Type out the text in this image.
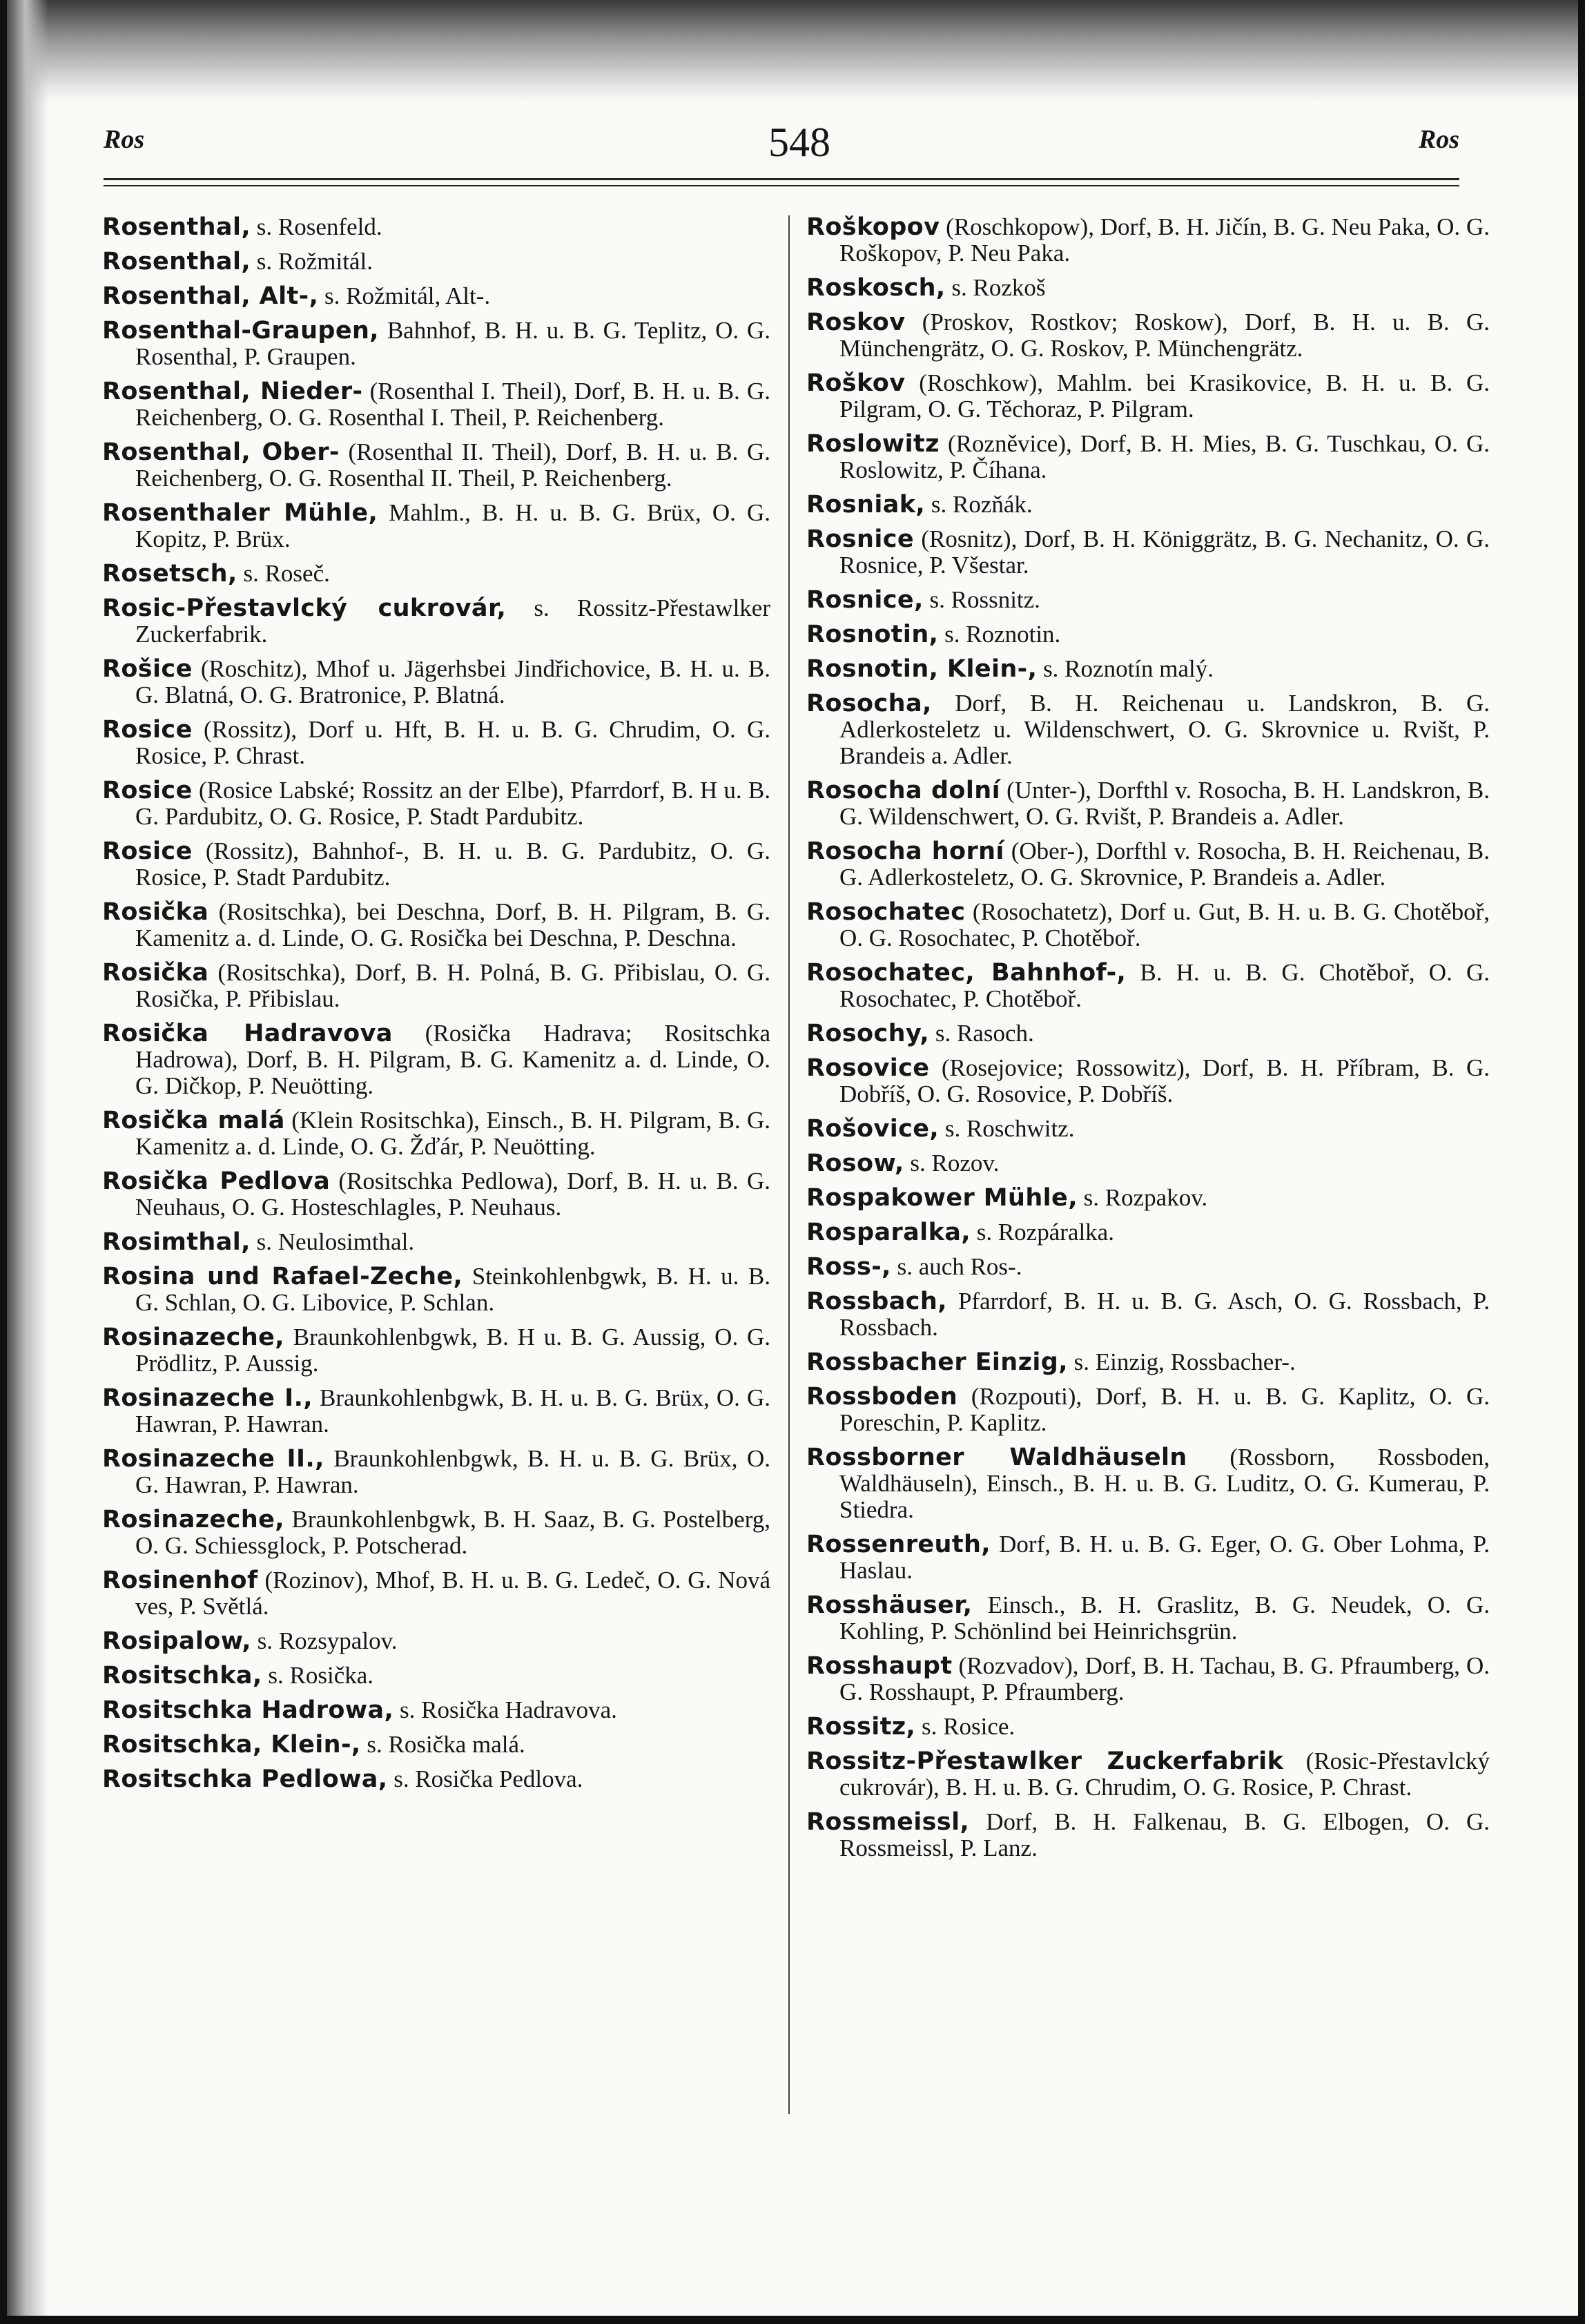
Ros	548	Ros

Rosenthal, s. Rosenfeld.

Rosenthal, s. Rožmitál.

Rosenthal, Alt-, s. Rožmitál, Alt-.

Rosenthal-Graupen, Bahnhof, B. H. u. B. G. Teplitz, O. G. Rosenthal, P. Graupen.

Rosenthal, Nieder- (Rosenthal I. Theil), Dorf, B. H. u. B. G. Reichenberg, O. G. Rosenthal I. Theil, P. Reichenberg.

Rosenthal, Ober- (Rosenthal II. Theil), Dorf, B. H. u. B. G. Reichenberg, O. G. Rosenthal II. Theil, P. Reichenberg.

Rosenthaler Mühle, Mahlm., B. H. u. B. G. Brüx, O. G. Kopitz, P. Brüx.

Rosetsch, s. Roseč.

Rosic-Přestavlcký cukrovár, s. Rossitz-Přestawlker Zuckerfabrik.

Rošice (Roschitz), Mhof u. Jägerhsbei Jindřichovice, B. H. u. B. G. Blatná, O. G. Bratronice, P. Blatná.

Rosice (Rossitz), Dorf u. Hft, B. H. u. B. G. Chrudim, O. G. Rosice, P. Chrast.

Rosice (Rosice Labské; Rossitz an der Elbe), Pfarrdorf, B. H u. B. G. Pardubitz, O. G. Rosice, P. Stadt Pardubitz.

Rosice (Rossitz), Bahnhof-, B. H. u. B. G. Pardubitz, O. G. Rosice, P. Stadt Pardubitz.

Rosička (Rositschka), bei Deschna, Dorf, B. H. Pilgram, B. G. Kamenitz a. d. Linde, O. G. Rosička bei Deschna, P. Deschna.

Rosička (Rositschka), Dorf, B. H. Polná, B. G. Přibislau, O. G. Rosička, P. Přibislau.

Rosička Hadravova (Rosička Hadrava; Rositschka Hadrowa), Dorf, B. H. Pilgram, B. G. Kamenitz a. d. Linde, O. G. Dičkop, P. Neuötting.

Rosička malá (Klein Rositschka), Einsch., B. H. Pilgram, B. G. Kamenitz a. d. Linde, O. G. Žďár, P. Neuötting.

Rosička Pedlova (Rositschka Pedlowa), Dorf, B. H. u. B. G. Neuhaus, O. G. Hosteschlagles, P. Neuhaus.

Rosimthal, s. Neulosimthal.

Rosina und Rafael-Zeche, Steinkohlenbgwk, B. H. u. B. G. Schlan, O. G. Libovice, P. Schlan.

Rosinazeche, Braunkohlenbgwk, B. H u. B. G. Aussig, O. G. Prödlitz, P. Aussig.

Rosinazeche I., Braunkohlenbgwk, B. H. u. B. G. Brüx, O. G. Hawran, P. Hawran.

Rosinazeche II., Braunkohlenbgwk, B. H. u. B. G. Brüx, O. G. Hawran, P. Hawran.

Rosinazeche, Braunkohlenbgwk, B. H. Saaz, B. G. Postelberg, O. G. Schiessglock, P. Potscherad.

Rosinenhof (Rozinov), Mhof, B. H. u. B. G. Ledeč, O. G. Nová ves, P. Světlá.

Rosipalow, s. Rozsypalov.

Rositschka, s. Rosička.

Rositschka Hadrowa, s. Rosička Hadravova.

Rositschka, Klein-, s. Rosička malá.

Rositschka Pedlowa, s. Rosička Pedlova.

Roškopov (Roschkopow), Dorf, B. H. Jičín, B. G. Neu Paka, O. G. Roškopov, P. Neu Paka.

Roskosch, s. Rozkoš

Roskov (Proskov, Rostkov; Roskow), Dorf, B. H. u. B. G. Münchengrätz, O. G. Roskov, P. Münchengrätz.

Roškov (Roschkow), Mahlm. bei Krasikovice, B. H. u. B. G. Pilgram, O. G. Těchoraz, P. Pilgram.

Roslowitz (Rozněvice), Dorf, B. H. Mies, B. G. Tuschkau, O. G. Roslowitz, P. Číhana.

Rosniak, s. Rozňák.

Rosnice (Rosnitz), Dorf, B. H. Königgrätz, B. G. Nechanitz, O. G. Rosnice, P. Všestar.

Rosnice, s. Rossnitz.

Rosnotin, s. Roznotin.

Rosnotin, Klein-, s. Roznotín malý.

Rosocha, Dorf, B. H. Reichenau u. Landskron, B. G. Adlerkosteletz u. Wildenschwert, O. G. Skrovnice u. Rvišt, P. Brandeis a. Adler.

Rosocha dolní (Unter-), Dorfthl v. Rosocha, B. H. Landskron, B. G. Wildenschwert, O. G. Rvišt, P. Brandeis a. Adler.

Rosocha horní (Ober-), Dorfthl v. Rosocha, B. H. Reichenau, B. G. Adlerkosteletz, O. G. Skrovnice, P. Brandeis a. Adler.

Rosochatec (Rosochatetz), Dorf u. Gut, B. H. u. B. G. Chotěboř, O. G. Rosochatec, P. Chotěboř.

Rosochatec, Bahnhof-, B. H. u. B. G. Chotěboř, O. G. Rosochatec, P. Chotěboř.

Rosochy, s. Rasoch.

Rosovice (Rosejovice; Rossowitz), Dorf, B. H. Příbram, B. G. Dobříš, O. G. Rosovice, P. Dobříš.

Rošovice, s. Roschwitz.

Rosow, s. Rozov.

Rospakower Mühle, s. Rozpakov.

Rosparalka, s. Rozpáralka.

Ross-, s. auch Ros-.

Rossbach, Pfarrdorf, B. H. u. B. G. Asch, O. G. Rossbach, P. Rossbach.

Rossbacher Einzig, s. Einzig, Rossbacher-.

Rossboden (Rozpouti), Dorf, B. H. u. B. G. Kaplitz, O. G. Poreschin, P. Kaplitz.

Rossborner Waldhäuseln (Rossborn, Rossboden, Waldhäuseln), Einsch., B. H. u. B. G. Luditz, O. G. Kumerau, P. Stiedra.

Rossenreuth, Dorf, B. H. u. B. G. Eger, O. G. Ober Lohma, P. Haslau.

Rosshäuser, Einsch., B. H. Graslitz, B. G. Neudek, O. G. Kohling, P. Schönlind bei Heinrichsgrün.

Rosshaupt (Rozvadov), Dorf, B. H. Tachau, B. G. Pfraumberg, O. G. Rosshaupt, P. Pfraumberg.

Rossitz, s. Rosice.

Rossitz-Přestawlker Zuckerfabrik (Rosic-Přestavlcký cukrovár), B. H. u. B. G. Chrudim, O. G. Rosice, P. Chrast.

Rossmeissl, Dorf, B. H. Falkenau, B. G. Elbogen, O. G. Rossmeissl, P. Lanz.
